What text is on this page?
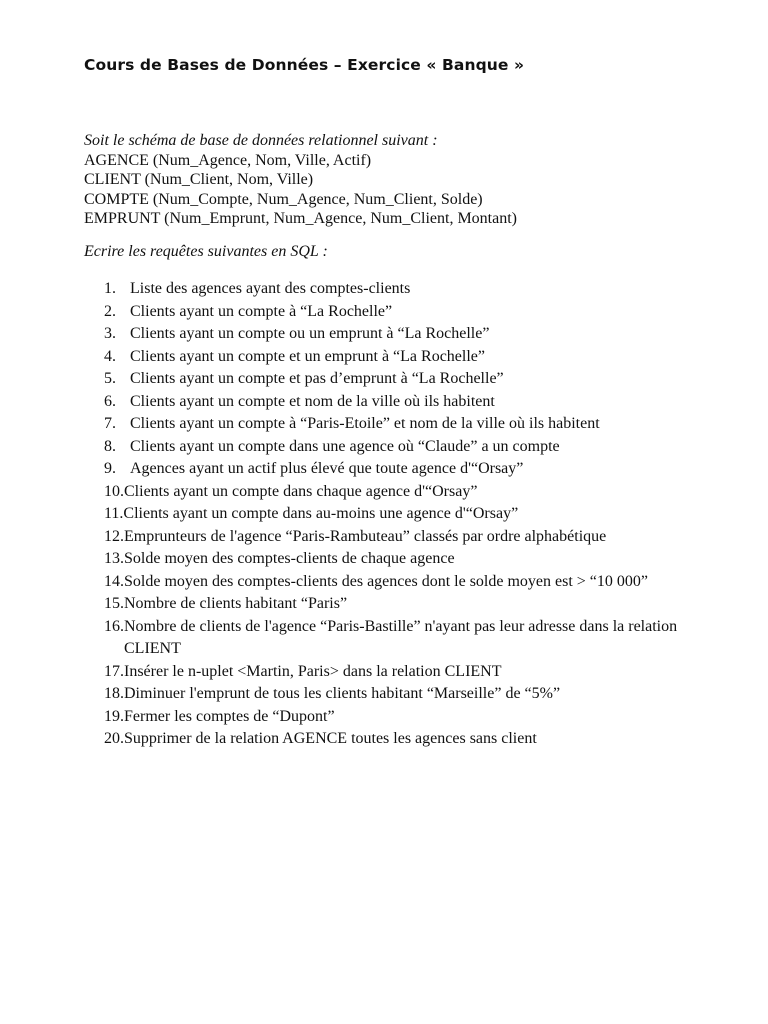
Cours de Bases de Données – Exercice « Banque »
Soit le schéma de base de données relationnel suivant :
AGENCE (Num_Agence, Nom, Ville, Actif)
CLIENT (Num_Client, Nom, Ville)
COMPTE (Num_Compte, Num_Agence, Num_Client, Solde)
EMPRUNT (Num_Emprunt, Num_Agence, Num_Client, Montant)
Ecrire les requêtes suivantes en SQL :
1. Liste des agences ayant des comptes-clients
2. Clients ayant un compte à “La Rochelle”
3. Clients ayant un compte ou un emprunt à “La Rochelle”
4. Clients ayant un compte et un emprunt à “La Rochelle”
5. Clients ayant un compte et pas d’emprunt à “La Rochelle”
6. Clients ayant un compte et nom de la ville où ils habitent
7. Clients ayant un compte à “Paris-Etoile” et nom de la ville où ils habitent
8. Clients ayant un compte dans une agence où “Claude” a un compte
9. Agences ayant un actif plus élevé que toute agence d'“Orsay”
10. Clients ayant un compte dans chaque agence d'“Orsay”
11. Clients ayant un compte dans au-moins une agence d'“Orsay”
12. Emprunteurs de l'agence “Paris-Rambuteau” classés par ordre alphabétique
13. Solde moyen des comptes-clients de chaque agence
14. Solde moyen des comptes-clients des agences dont le solde moyen est > “10 000”
15. Nombre de clients habitant “Paris”
16. Nombre de clients de l'agence “Paris-Bastille” n'ayant pas leur adresse dans la relation CLIENT
17. Insérer le n-uplet <Martin, Paris> dans la relation CLIENT
18. Diminuer l'emprunt de tous les clients habitant “Marseille” de “5%”
19. Fermer les comptes de “Dupont”
20. Supprimer de la relation AGENCE toutes les agences sans client
